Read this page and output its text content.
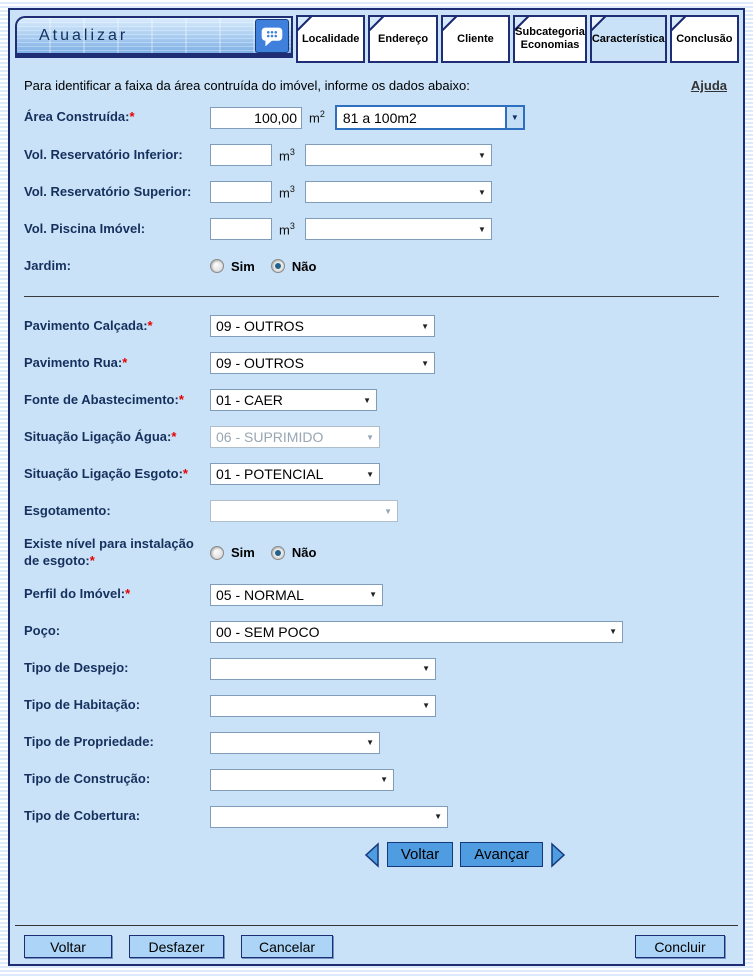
Atualizar	Localidade Endereço	Cliente
Subcategoria
Economias
Característica Conclusão
Para identificar a faixa da área contruída do imóvel, informe os dados abaixo:	Ajuda
Área Construída:*
100,00	$m^2$	81 a 100m2	▼
Vol. Reservatório Inferior:	$m^3$	▼
Vol. Reservatório Superior:	$m^3$	▼
Vol. Piscina Imóvel:	$m^3$	▼
Jardim:	Sim	Não
Pavimento Calçada:*	09 - OUTROS	▼
Pavimento Rua:*	09 - OUTROS	▼
Fonte de Abastecimento:*	01 - CAER	▼
Situação Ligação Água:*	06 - SUPRIMIDO	▼
Situação Ligação Esgoto:*	01 - POTENCIAL	▼
Esgotamento:	▼
Existe nível para instalação de esgoto:*	Sim	Não
Perfil do Imóvel:*	05 - NORMAL	▼
Poço:	00 - SEM POCO	▼
Tipo de Despejo:	▼
Tipo de Habitação:	▼
Tipo de Propriedade:	▼
Tipo de Construção:	▼
Tipo de Cobertura:	▼
Voltar	Avançar
Voltar	Desfazer	Cancelar	Concluir
